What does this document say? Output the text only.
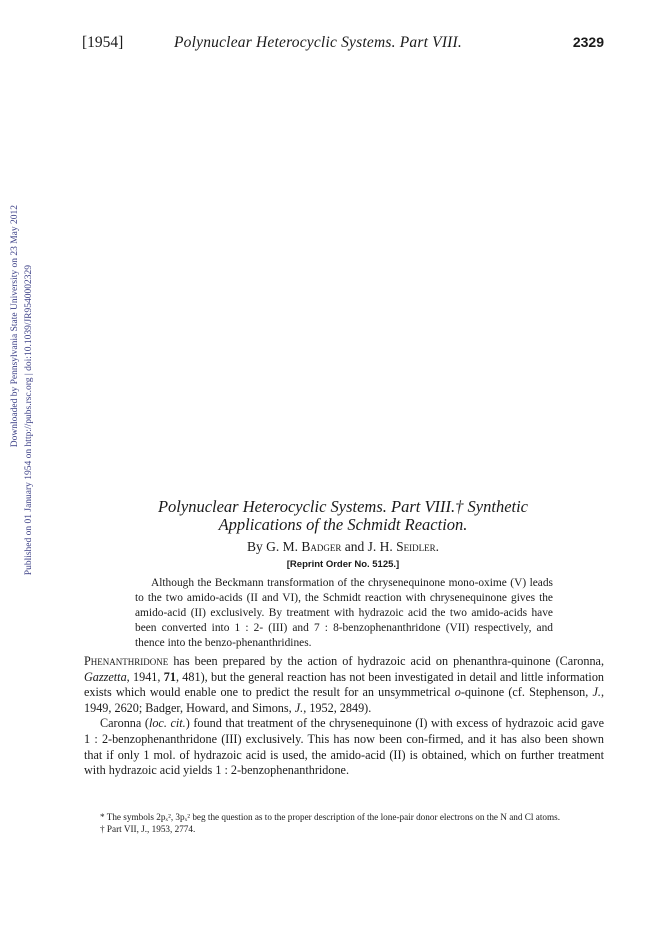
[1954]	Polynuclear Heterocyclic Systems. Part VIII.	2329
Published on 01 January 1954 on http://pubs.rsc.org | doi:10.1039/JR9540002329
Downloaded by Pennsylvania State University on 23 May 2012
Polynuclear Heterocyclic Systems. Part VIII.† Synthetic
Applications of the Schmidt Reaction.
By G. M. Badger and J. H. Seidler.
[Reprint Order No. 5125.]

Although the Beckmann transformation of the chrysenequinone mono-oxime (V) leads to the two amido-acids (II and VI), the Schmidt reaction with chrysenequinone gives the amido-acid (II) exclusively. By treatment with hydrazoic acid the two amido-acids have been converted into 1 : 2- (III) and 7 : 8-benzophenanthridone (VII) respectively, and thence into the benzo-phenanthridines.

Phenanthridone has been prepared by the action of hydrazoic acid on phenanthra-quinone (Caronna, Gazzetta, 1941, 71, 481), but the general reaction has not been investigated in detail and little information exists which would enable one to predict the result for an unsymmetrical o-quinone (cf. Stephenson, J., 1949, 2620; Badger, Howard, and Simons, J., 1952, 2849).

Caronna (loc. cit.) found that treatment of the chrysenequinone (I) with excess of hydrazoic acid gave 1 : 2-benzophenanthridone (III) exclusively. This has now been con-firmed, and it has also been shown that if only 1 mol. of hydrazoic acid is used, the amido-acid (II) is obtained, which on further treatment with hydrazoic acid yields 1 : 2-benzophenanthridone.

* The symbols 2pₓ², 3pₓ² beg the question as to the proper description of the lone-pair donor electrons on the N and Cl atoms.

† Part VII, J., 1953, 2774.
